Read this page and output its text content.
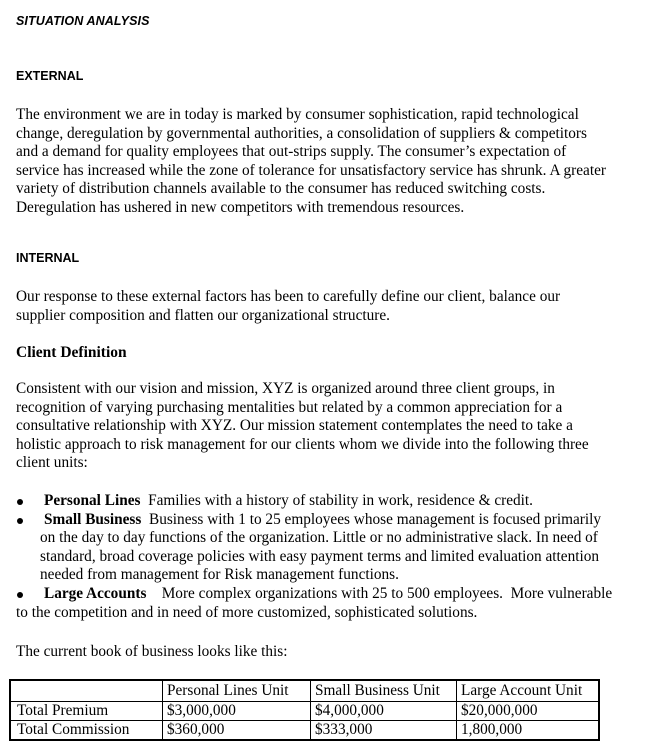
SITUATION ANALYSIS
EXTERNAL
The environment we are in today is marked by consumer sophistication, rapid technological
change, deregulation by governmental authorities, a consolidation of suppliers & competitors
and a demand for quality employees that out-strips supply. The consumer’s expectation of
service has increased while the zone of tolerance for unsatisfactory service has shrunk. A greater
variety of distribution channels available to the consumer has reduced switching costs.
Deregulation has ushered in new competitors with tremendous resources.
INTERNAL
Our response to these external factors has been to carefully define our client, balance our
supplier composition and flatten our organizational structure.
Client Definition
Consistent with our vision and mission, XYZ is organized around three client groups, in
recognition of varying purchasing mentalities but related by a common appreciation for a
consultative relationship with XYZ. Our mission statement contemplates the need to take a
holistic approach to risk management for our clients whom we divide into the following three
client units:
Personal Lines  Families with a history of stability in work, residence & credit.
Small Business  Business with 1 to 25 employees whose management is focused primarily
on the day to day functions of the organization. Little or no administrative slack. In need of
standard, broad coverage policies with easy payment terms and limited evaluation attention
needed from management for Risk management functions.
Large Accounts    More complex organizations with 25 to 500 employees.  More vulnerable
to the competition and in need of more customized, sophisticated solutions.
The current book of business looks like this:
	Personal Lines Unit	Small Business Unit	Large Account Unit
Total Premium	$3,000,000	$4,000,000	$20,000,000
Total Commission	$360,000	$333,000	1,800,000
